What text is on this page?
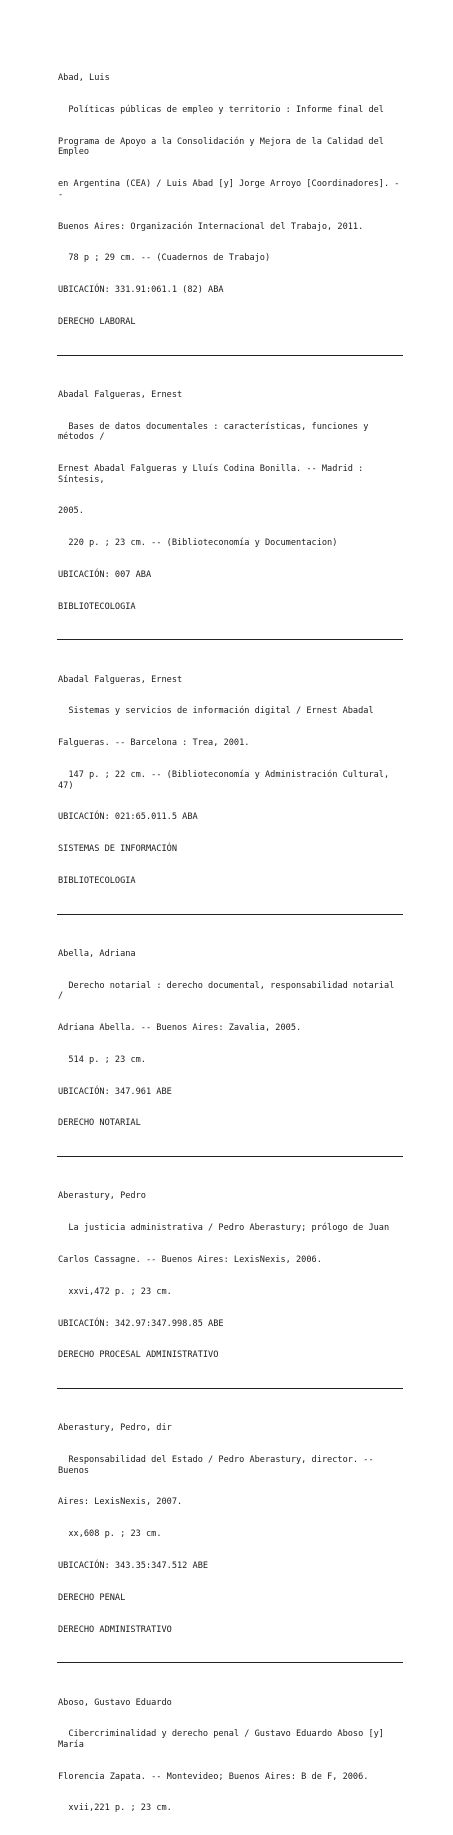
Abad, Luis

Políticas públicas de empleo y territorio : Informe final del

Programa de Apoyo a la Consolidación y Mejora de la Calidad del Empleo

en Argentina (CEA) / Luis Abad [y] Jorge Arroyo [Coordinadores]. --

Buenos Aires: Organización Internacional del Trabajo, 2011.

78 p ; 29 cm. -- (Cuadernos de Trabajo)

UBICACIÓN: 331.91:061.1 (82) ABA

DERECHO LABORAL

Abadal Falgueras, Ernest

Bases de datos documentales : características, funciones y métodos /

Ernest Abadal Falgueras y Lluís Codina Bonilla. -- Madrid : Síntesis,

2005.

220 p. ; 23 cm. -- (Biblioteconomía y Documentacion)

UBICACIÓN: 007 ABA

BIBLIOTECOLOGIA

Abadal Falgueras, Ernest

Sistemas y servicios de información digital / Ernest Abadal

Falgueras. -- Barcelona : Trea, 2001.

147 p. ; 22 cm. -- (Biblioteconomía y Administración Cultural, 47)

UBICACIÓN: 021:65.011.5 ABA

SISTEMAS DE INFORMACIÓN

BIBLIOTECOLOGIA

Abella, Adriana

Derecho notarial : derecho documental, responsabilidad notarial /

Adriana Abella. -- Buenos Aires: Zavalia, 2005.

514 p. ; 23 cm.

UBICACIÓN: 347.961 ABE

DERECHO NOTARIAL

Aberastury, Pedro

La justicia administrativa / Pedro Aberastury; prólogo de Juan

Carlos Cassagne. -- Buenos Aires: LexisNexis, 2006.

xxvi,472 p. ; 23 cm.

UBICACIÓN: 342.97:347.998.85 ABE

DERECHO PROCESAL ADMINISTRATIVO

Aberastury, Pedro, dir

Responsabilidad del Estado / Pedro Aberastury, director. -- Buenos

Aires: LexisNexis, 2007.

xx,608 p. ; 23 cm.

UBICACIÓN: 343.35:347.512 ABE

DERECHO PENAL

DERECHO ADMINISTRATIVO

Aboso, Gustavo Eduardo

Cibercriminalidad y derecho penal / Gustavo Eduardo Aboso [y] María

Florencia Zapata. -- Montevideo; Buenos Aires: B de F, 2006.

xvii,221 p. ; 23 cm.
